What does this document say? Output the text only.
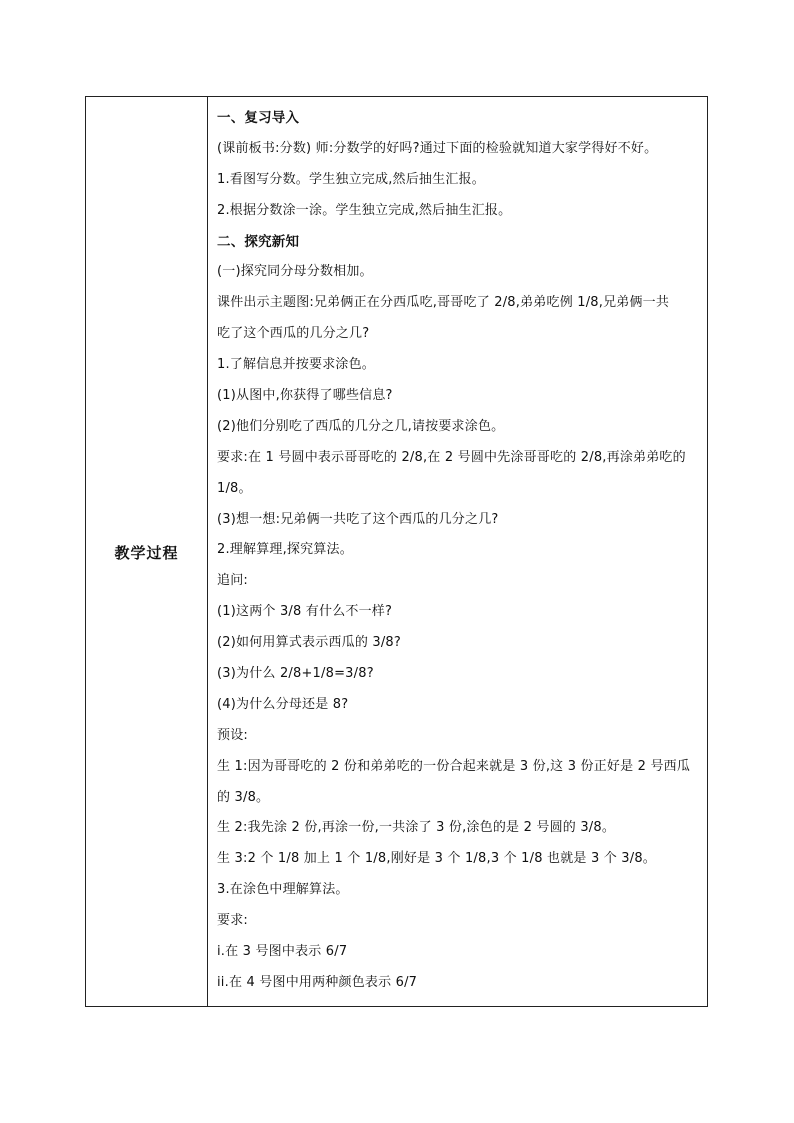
教学过程
一、复习导入
(课前板书:分数) 师:分数学的好吗?通过下面的检验就知道大家学得好不好。
1.看图写分数。学生独立完成,然后抽生汇报。
2.根据分数涂一涂。学生独立完成,然后抽生汇报。
二、探究新知
(一)探究同分母分数相加。
课件出示主题图:兄弟俩正在分西瓜吃,哥哥吃了 2/8,弟弟吃例 1/8,兄弟俩一共
吃了这个西瓜的几分之几?
1.了解信息并按要求涂色。
(1)从图中,你获得了哪些信息?
(2)他们分别吃了西瓜的几分之几,请按要求涂色。
要求:在 1 号圆中表示哥哥吃的 2/8,在 2 号圆中先涂哥哥吃的 2/8,再涂弟弟吃的
1/8。
(3)想一想:兄弟俩一共吃了这个西瓜的几分之几?
2.理解算理,探究算法。
追问:
(1)这两个 3/8 有什么不一样?
(2)如何用算式表示西瓜的 3/8?
(3)为什么 2/8+1/8=3/8?
(4)为什么分母还是 8?
预设:
生 1:因为哥哥吃的 2 份和弟弟吃的一份合起来就是 3 份,这 3 份正好是 2 号西瓜
的 3/8。
生 2:我先涂 2 份,再涂一份,一共涂了 3 份,涂色的是 2 号圆的 3/8。
生 3:2 个 1/8 加上 1 个 1/8,刚好是 3 个 1/8,3 个 1/8 也就是 3 个 3/8。
3.在涂色中理解算法。
要求:
i.在 3 号图中表示 6/7
ii.在 4 号图中用两种颜色表示 6/7
